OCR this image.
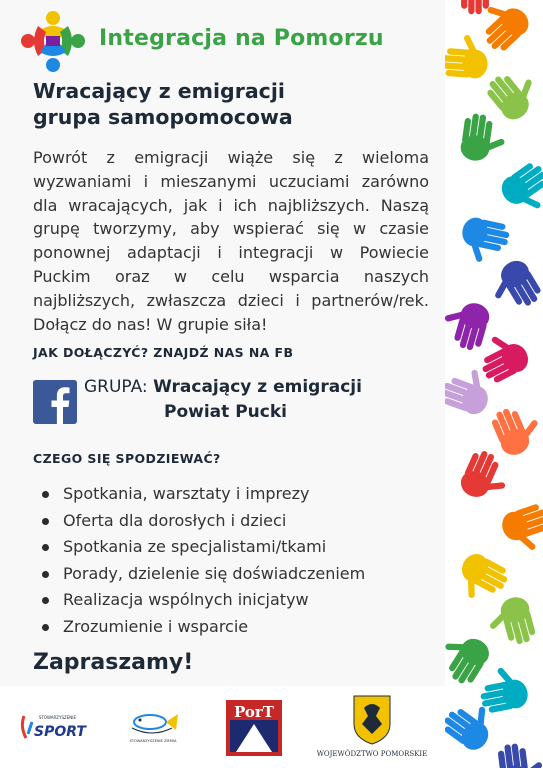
Integracja na Pomorzu
Wracający z emigracji
grupa samopomocowa
Powrót z emigracji wiąże się z wieloma wyzwaniami i mieszanymi uczuciami zarówno dla wracających, jak i ich najbliższych. Naszą grupę tworzymy, aby wspierać się w czasie ponownej adaptacji i integracji w Powiecie Puckim oraz w celu wsparcia naszych najbliższych, zwłaszcza dzieci i partnerów/rek. Dołącz do nas! W grupie siła!
JAK DOŁĄCZYĆ? ZNAJDŹ NAS NA FB
GRUPA: Wracający z emigracji
Powiat Pucki
CZEGO SIĘ SPODZIEWAĆ?
Spotkania, warsztaty i imprezy
Oferta dla dorosłych i dzieci
Spotkania ze specjalistami/tkami
Porady, dzielenie się doświadczeniem
Realizacja wspólnych inicjatyw
Zrozumienie i wsparcie
Zapraszamy!
STOWARZYSZENIE
SPORT
STOWARZYSZENIE ZIEMIA
PorT
WOJEWÓDZTWO POMORSKIE
